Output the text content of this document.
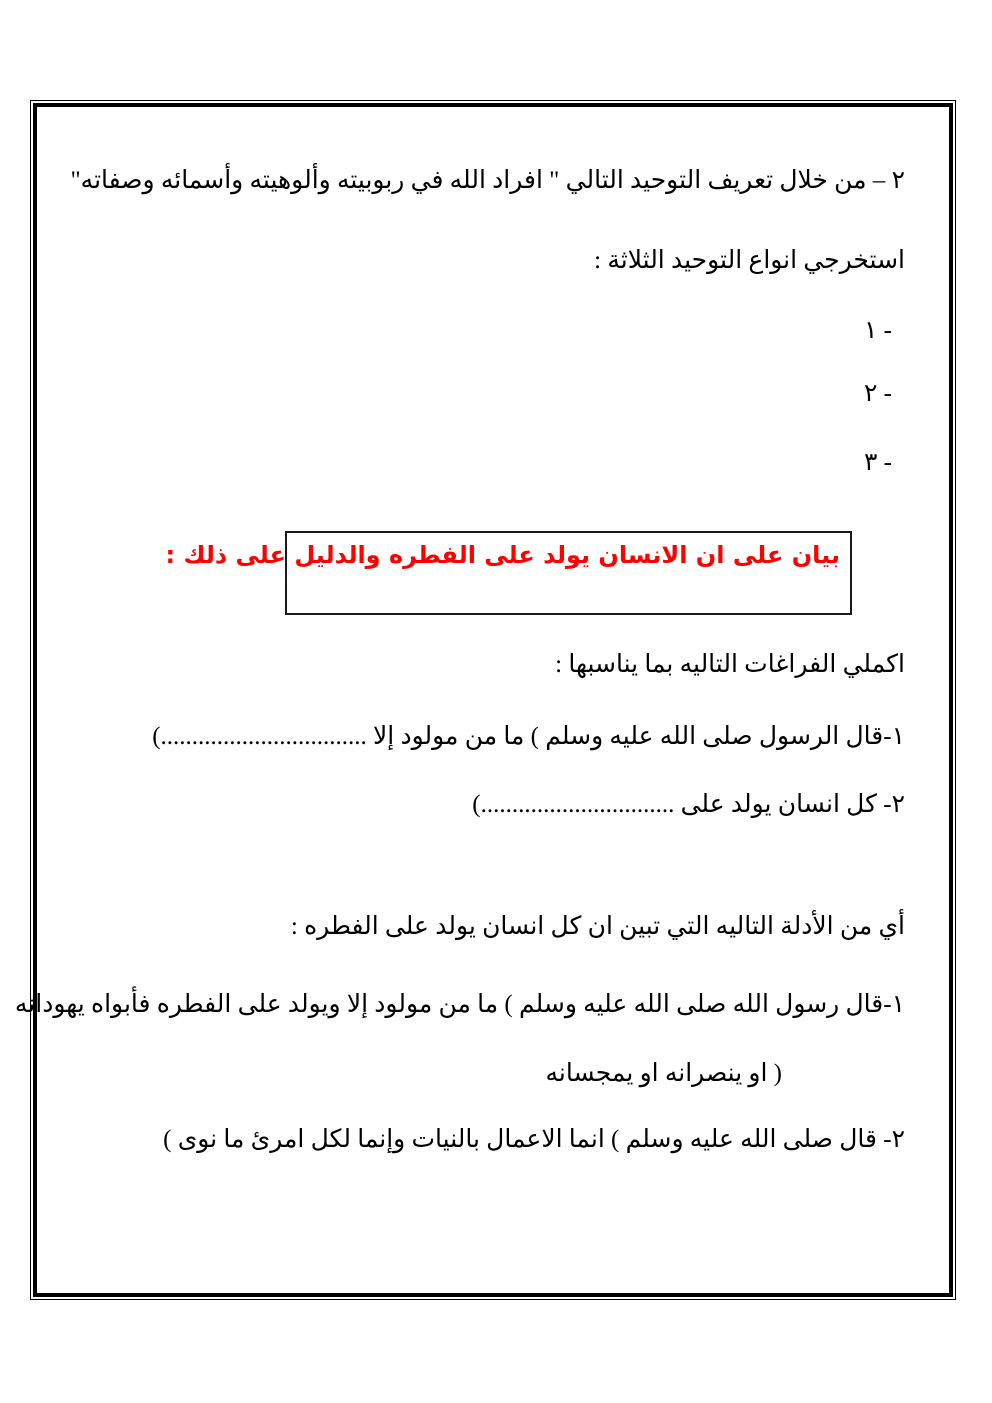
٢ – من خلال تعريف التوحيد التالي " افراد الله في ربوبيته وألوهيته وأسمائه وصفاته"
استخرجي انواع التوحيد الثلاثة :
١ -
٢ -
٣ -
بيان على ان الانسان يولد على الفطره والدليل على ذلك :
اكملي الفراغات التاليه بما يناسبها :
١-قال الرسول صلى الله عليه وسلم ) ما من مولود إلا .................................)
٢- كل انسان يولد على ...............................)
أي من الأدلة التاليه التي تبين ان كل انسان يولد على الفطره :
١-قال رسول الله صلى الله عليه وسلم ) ما من مولود إلا ويولد على الفطره فأبواه يهودانه
( او ينصرانه او يمجسانه
٢- قال صلى الله عليه وسلم ) انما الاعمال بالنيات وإنما لكل امرئ ما نوى )
